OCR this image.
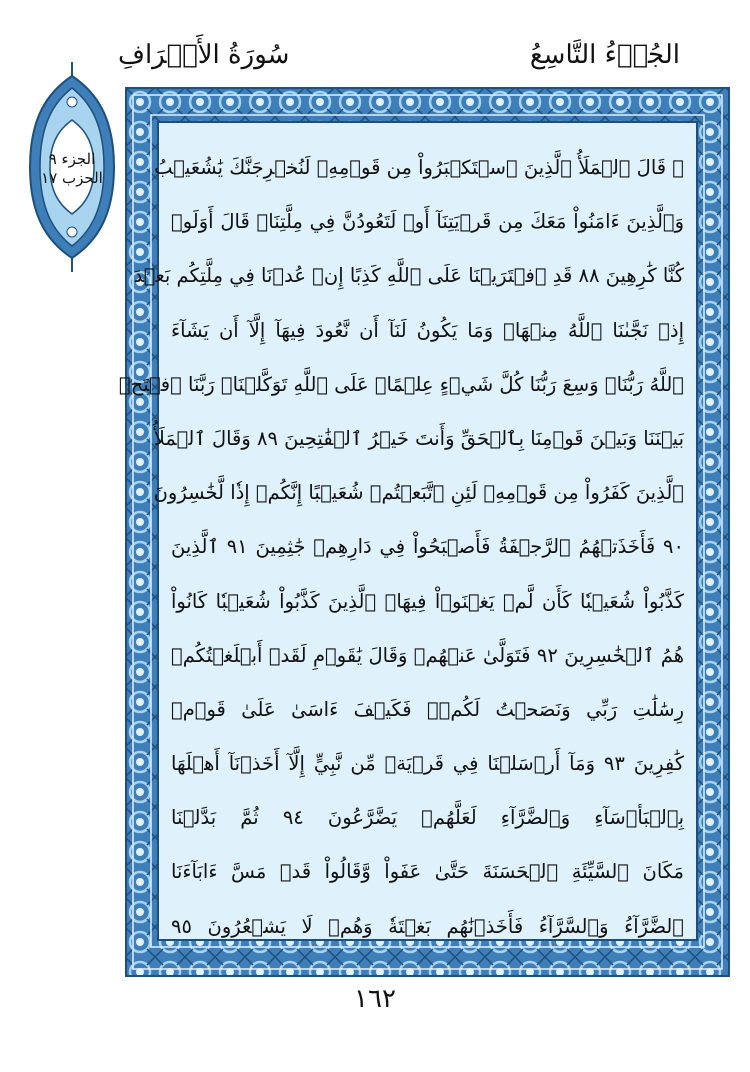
سُورَةُ الأَعۡرَافِ	الجُزۡءُ التَّاسِعُ
الجزء ٩
الحزب ١٧	۞ قَالَ ٱلۡمَلَأُ ٱلَّذِينَ ٱسۡتَكۡبَرُواْ مِن قَوۡمِهِۦ لَنُخۡرِجَنَّكَ يَٰشُعَيۡبُ
وَٱلَّذِينَ ءَامَنُواْ مَعَكَ مِن قَرۡيَتِنَآ أَوۡ لَتَعُودُنَّ فِي مِلَّتِنَاۚ قَالَ أَوَلَوۡ
كُنَّا كَٰرِهِينَ ٨٨ قَدِ ٱفۡتَرَيۡنَا عَلَى ٱللَّهِ كَذِبًا إِنۡ عُدۡنَا فِي مِلَّتِكُم بَعۡدَ
إِذۡ نَجَّىٰنَا ٱللَّهُ مِنۡهَاۚ وَمَا يَكُونُ لَنَآ أَن نَّعُودَ فِيهَآ إِلَّآ أَن يَشَآءَ
ٱللَّهُ رَبُّنَاۚ وَسِعَ رَبُّنَا كُلَّ شَيۡءٍ عِلۡمًاۚ عَلَى ٱللَّهِ تَوَكَّلۡنَاۚ رَبَّنَا ٱفۡتَحۡ
بَيۡنَنَا وَبَيۡنَ قَوۡمِنَا بِٱلۡحَقِّ وَأَنتَ خَيۡرُ ٱلۡفَٰتِحِينَ ٨٩ وَقَالَ ٱلۡمَلَأُ
ٱلَّذِينَ كَفَرُواْ مِن قَوۡمِهِۦ لَئِنِ ٱتَّبَعۡتُمۡ شُعَيۡبًا إِنَّكُمۡ إِذٗا لَّخَٰسِرُونَ
٩٠ فَأَخَذَتۡهُمُ ٱلرَّجۡفَةُ فَأَصۡبَحُواْ فِي دَارِهِمۡ جَٰثِمِينَ ٩١ ٱلَّذِينَ
كَذَّبُواْ شُعَيۡبٗا كَأَن لَّمۡ يَغۡنَوۡاْ فِيهَاۚ ٱلَّذِينَ كَذَّبُواْ شُعَيۡبٗا كَانُواْ
هُمُ ٱلۡخَٰسِرِينَ ٩٢ فَتَوَلَّىٰ عَنۡهُمۡ وَقَالَ يَٰقَوۡمِ لَقَدۡ أَبۡلَغۡتُكُمۡ
رِسَٰلَٰتِ رَبِّي وَنَصَحۡتُ لَكُمۡۖ فَكَيۡفَ ءَاسَىٰ عَلَىٰ قَوۡمٖ
كَٰفِرِينَ ٩٣ وَمَآ أَرۡسَلۡنَا فِي قَرۡيَةٖ مِّن نَّبِيٍّ إِلَّآ أَخَذۡنَآ أَهۡلَهَا
بِٱلۡبَأۡسَآءِ وَٱلضَّرَّآءِ لَعَلَّهُمۡ يَضَّرَّعُونَ ٩٤ ثُمَّ بَدَّلۡنَا
مَكَانَ ٱلسَّيِّئَةِ ٱلۡحَسَنَةَ حَتَّىٰ عَفَواْ وَّقَالُواْ قَدۡ مَسَّ ءَابَآءَنَا
ٱلضَّرَّآءُ وَٱلسَّرَّآءُ فَأَخَذۡنَٰهُم بَغۡتَةٗ وَهُمۡ لَا يَشۡعُرُونَ ٩٥
١٦٢
